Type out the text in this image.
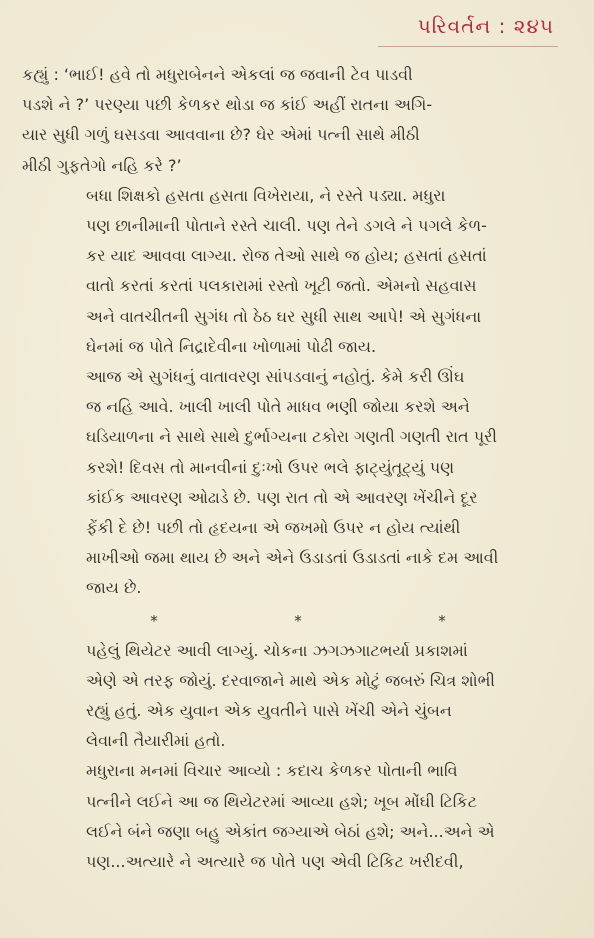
પરિવર્તન : ૨૪૫
કહ્યું : ‘ભાઈ! હવે તો મધુરાબેનને એકલાં જ જવાની ટેવ પાડવી
પડશે ને ?’ પરણ્યા પછી કેળકર થોડા જ કાંઈ અહીં રાતના અગિ-
યાર સુધી ગળું ઘસડવા આવવાના છે? ઘેર એમાં પત્ની સાથે મીઠી
મીઠી ગુફતેગો નહિ કરે ?’
બધા શિક્ષકો હસતા હસતા વિખેરાયા, ને રસ્તે પડ્યા. મધુરા
પણ છાનીમાની પોતાને રસ્તે ચાલી. પણ તેને ડગલે ને પગલે કેળ-
કર યાદ આવવા લાગ્યા. રોજ તેઓ સાથે જ હોય; હસતાં હસતાં
વાતો કરતાં કરતાં પલકારામાં રસ્તો ખૂટી જતો. એમનો સહવાસ
અને વાતચીતની સુગંધ તો ઠેઠ ઘર સુધી સાથ આપે! એ સુગંધના
ઘેનમાં જ પોતે નિદ્રાદેવીના ખોળામાં પોઢી જાય.
આજ એ સુગંધનું વાતાવરણ સાંપડવાનું નહોતું. કેમે કરી ઊંઘ
જ નહિ આવે. ખાલી ખાલી પોતે માધવ ભણી જોયા કરશે અને
ઘડિયાળના ને સાથે સાથે દુર્ભાગ્યના ટકોરા ગણતી ગણતી રાત પૂરી
કરશે! દિવસ તો માનવીનાં દુઃખો ઉપર ભલે ફાટ્યુંતૂટ્યું પણ
કાંઈક આવરણ ઓઢાડે છે. પણ રાત તો એ આવરણ ખેંચીને દૂર
ફેંકી દે છે! પછી તો હૃદયના એ જખમો ઉપર ન હોય ત્યાંથી
માખીઓ જમા થાય છે અને એને ઉડાડતાં ઉડાડતાં નાકે દમ આવી
જાય છે.
*	*	*
પહેલું થિયેટર આવી લાગ્યું. ચોકના ઝગઝગાટભર્યા પ્રકાશમાં
એણે એ તરફ જોયું. દરવાજાને માથે એક મોટું જબરું ચિત્ર શોભી
રહ્યું હતું. એક યુવાન એક યુવતીને પાસે ખેંચી એને ચુંબન
લેવાની તૈયારીમાં હતો.
મધુરાના મનમાં વિચાર આવ્યો : કદાચ કેળકર પોતાની ભાવિ
પત્નીને લઈને આ જ થિયેટરમાં આવ્યા હશે; ખૂબ મોંઘી ટિકિટ
લઈને બંને જણા બહુ એકાંત જગ્યાએ બેઠાં હશે; અને...અને એ
પણ...અત્યારે ને અત્યારે જ પોતે પણ એવી ટિકિટ ખરીદવી,
